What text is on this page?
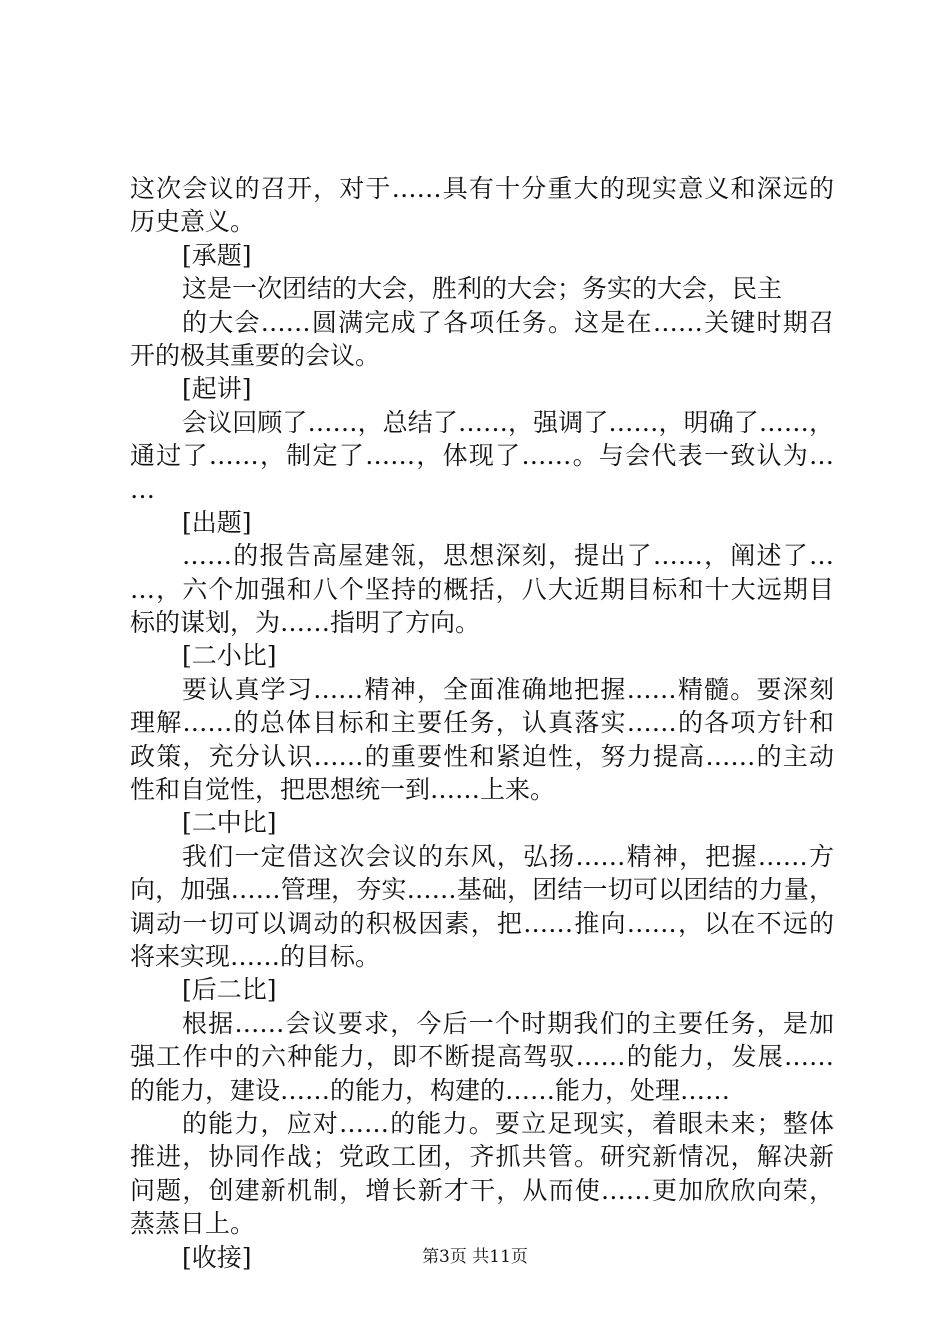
这次会议的召开，对于……具有十分重大的现实意义和深远的
历史意义。
[承题]
这是一次团结的大会，胜利的大会；务实的大会，民主
的大会……圆满完成了各项任务。这是在……关键时期召
开的极其重要的会议。
[起讲]
会议回顾了……，总结了……，强调了……，明确了……，
通过了……，制定了……，体现了……。与会代表一致认为…
…
[出题]
……的报告高屋建瓴，思想深刻，提出了……，阐述了…
…，六个加强和八个坚持的概括，八大近期目标和十大远期目
标的谋划，为……指明了方向。
[二小比]
要认真学习……精神，全面准确地把握……精髓。要深刻
理解……的总体目标和主要任务，认真落实……的各项方针和
政策，充分认识……的重要性和紧迫性，努力提高……的主动
性和自觉性，把思想统一到……上来。
[二中比]
我们一定借这次会议的东风，弘扬……精神，把握……方
向，加强……管理，夯实……基础，团结一切可以团结的力量，
调动一切可以调动的积极因素，把……推向……，以在不远的
将来实现……的目标。
[后二比]
根据……会议要求，今后一个时期我们的主要任务，是加
强工作中的六种能力，即不断提高驾驭……的能力，发展……
的能力，建设……的能力，构建的……能力，处理……
的能力，应对……的能力。要立足现实，着眼未来；整体
推进，协同作战；党政工团，齐抓共管。研究新情况，解决新
问题，创建新机制，增长新才干，从而使……更加欣欣向荣，
蒸蒸日上。
[收接]	第3页 共11页
